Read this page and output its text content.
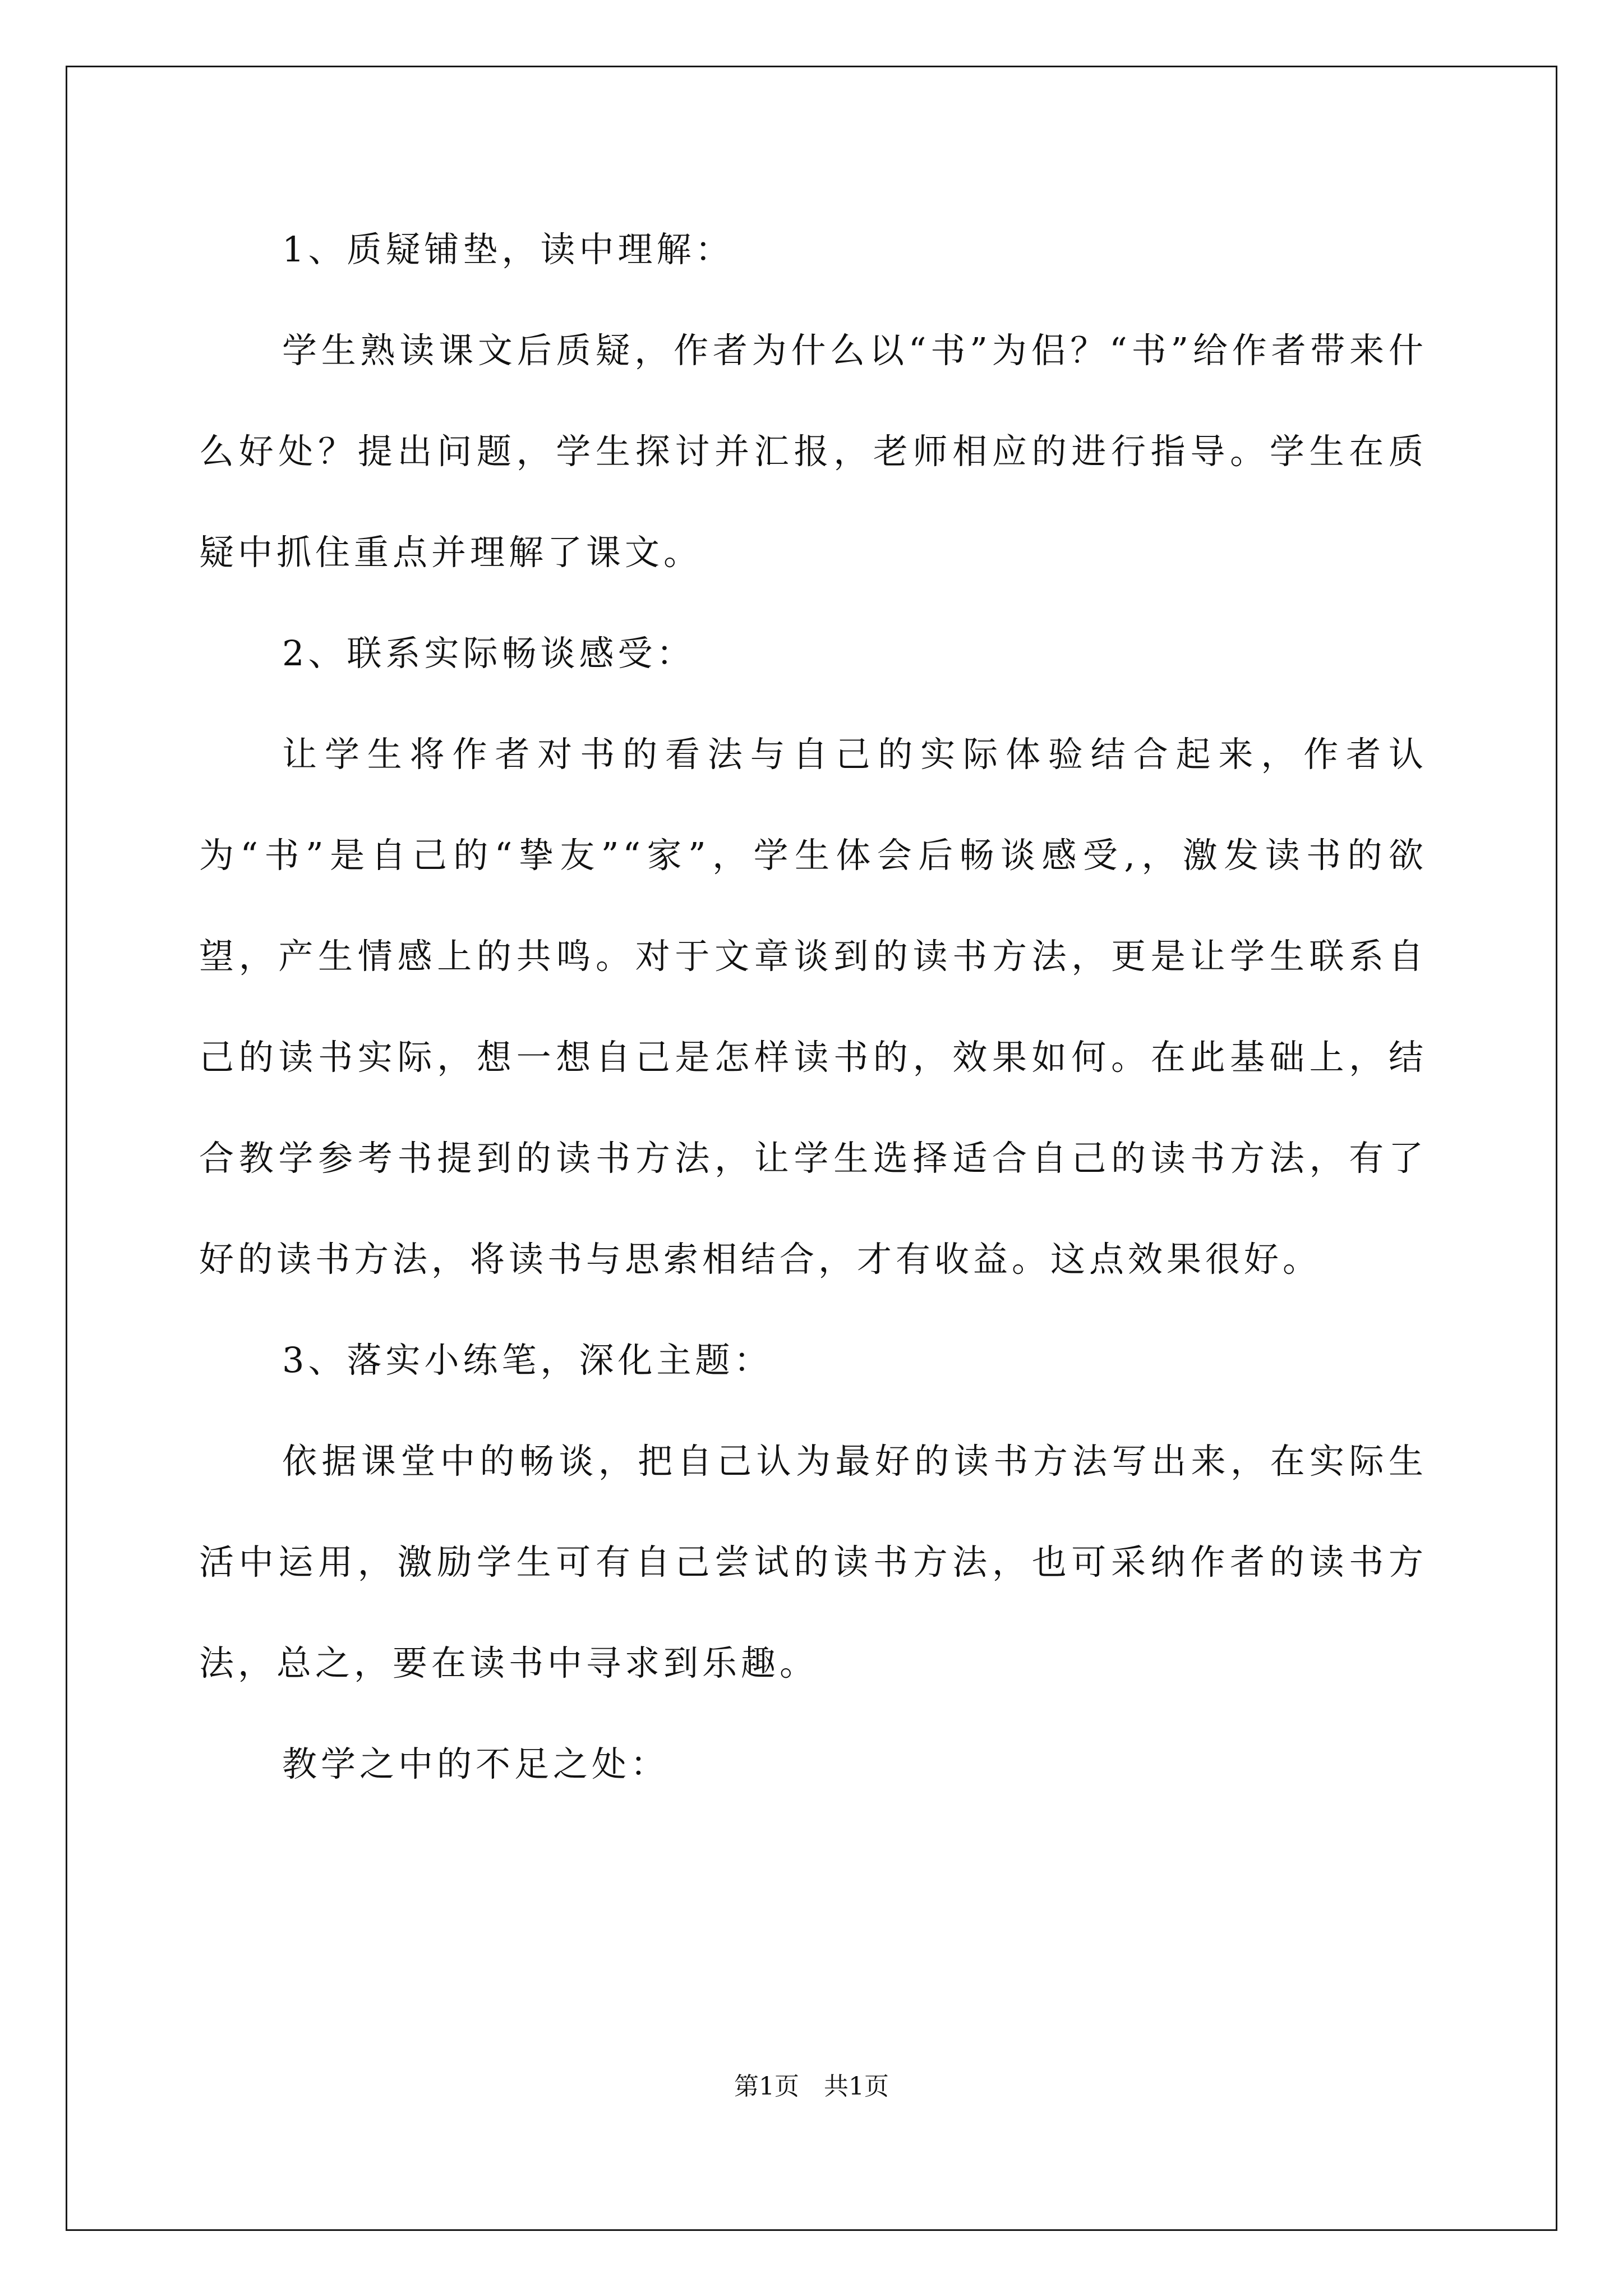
1、质疑铺垫，读中理解：

学生熟读课文后质疑，作者为什么以“书”为侣？“书”给作者带来什么好处？提出问题，学生探讨并汇报，老师相应的进行指导。学生在质疑中抓住重点并理解了课文。

2、联系实际畅谈感受：

让学生将作者对书的看法与自己的实际体验结合起来，作者认为“书”是自己的“挚友”“家”，学生体会后畅谈感受,，激发读书的欲望，产生情感上的共鸣。对于文章谈到的读书方法，更是让学生联系自己的读书实际，想一想自己是怎样读书的，效果如何。在此基础上，结合教学参考书提到的读书方法，让学生选择适合自己的读书方法，有了好的读书方法，将读书与思索相结合，才有收益。这点效果很好。

3、落实小练笔，深化主题：

依据课堂中的畅谈，把自己认为最好的读书方法写出来，在实际生活中运用，激励学生可有自己尝试的读书方法，也可采纳作者的读书方法，总之，要在读书中寻求到乐趣。

教学之中的不足之处：

第1页　共1页
